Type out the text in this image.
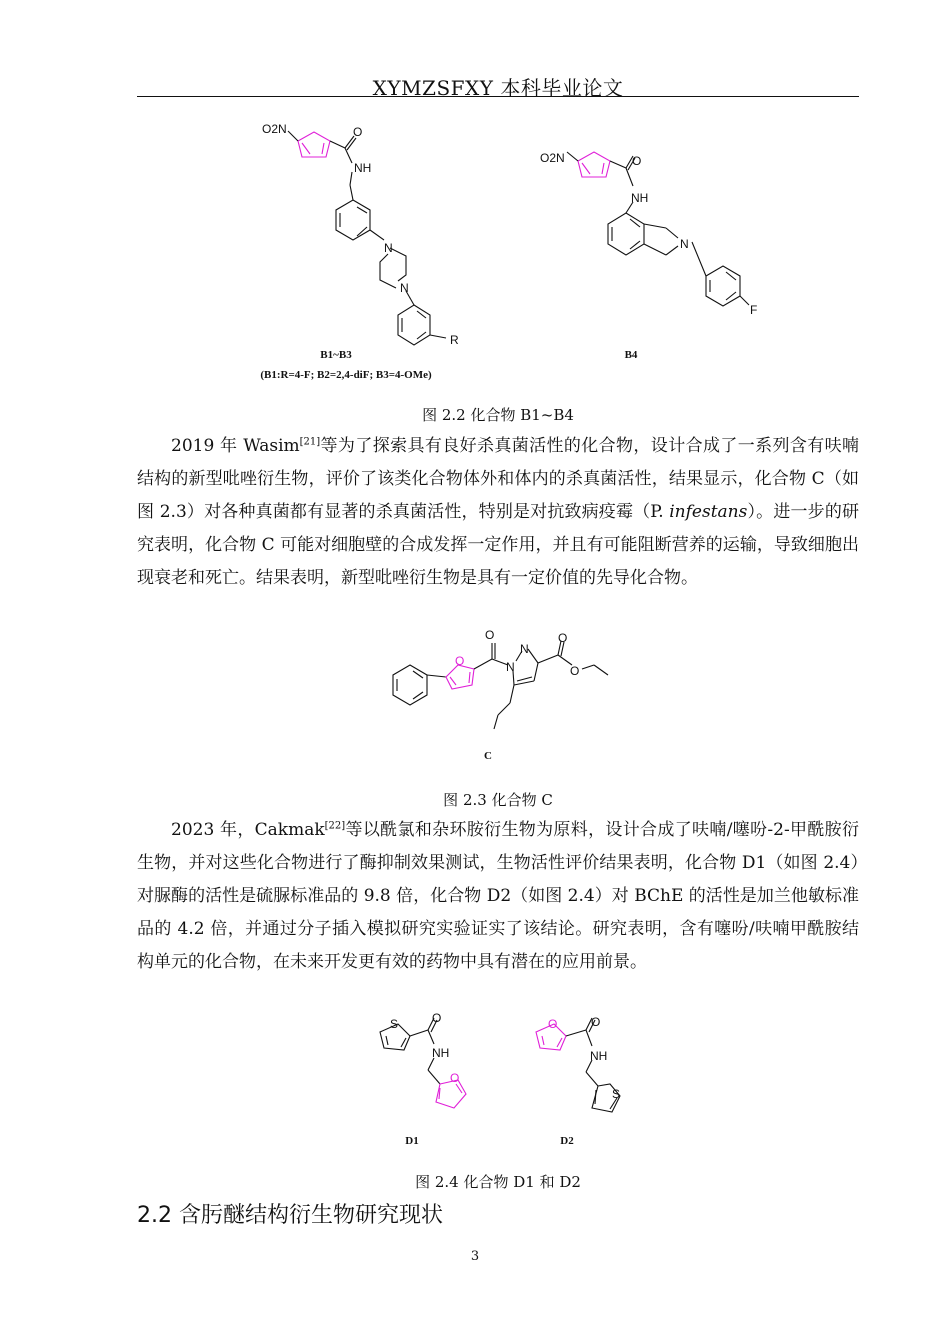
XYMZSFXY 本科毕业论文
O2N	O
NH
N
N
R
O2N	O
NH
N
F
B1~B3
(B1:R=4-F; B2=2,4-diF; B3=4-OMe)
B4
图 2.2 化合物 B1~B4

2019 年 Wasim[21]等为了探索具有良好杀真菌活性的化合物，设计合成了一系列含有呋喃结构的新型吡唑衍生物，评价了该类化合物体外和体内的杀真菌活性，结果显示，化合物 C（如图 2.3）对各种真菌都有显著的杀真菌活性，特别是对抗致病疫霉（P. infestans）。进一步的研究表明，化合物 C 可能对细胞壁的合成发挥一定作用，并且有可能阻断营养的运输，导致细胞出现衰老和死亡。结果表明，新型吡唑衍生物是具有一定价值的先导化合物。

O
O	N
N
O
O
C
图 2.3 化合物 C

2023 年，Cakmak[22]等以酰氯和杂环胺衍生物为原料，设计合成了呋喃/噻吩-2-甲酰胺衍生物，并对这些化合物进行了酶抑制效果测试，生物活性评价结果表明，化合物 D1（如图 2.4）对脲酶的活性是硫脲标准品的 9.8 倍，化合物 D2（如图 2.4）对 BChE 的活性是加兰他敏标准品的 4.2 倍，并通过分子插入模拟研究实验证实了该结论。研究表明，含有噻吩/呋喃甲酰胺结构单元的化合物，在未来开发更有效的药物中具有潜在的应用前景。

S	O
NH
O
O	O
NH
S
D1	D2
图 2.4 化合物 D1 和 D2
2.2 含肟醚结构衍生物研究现状
3
